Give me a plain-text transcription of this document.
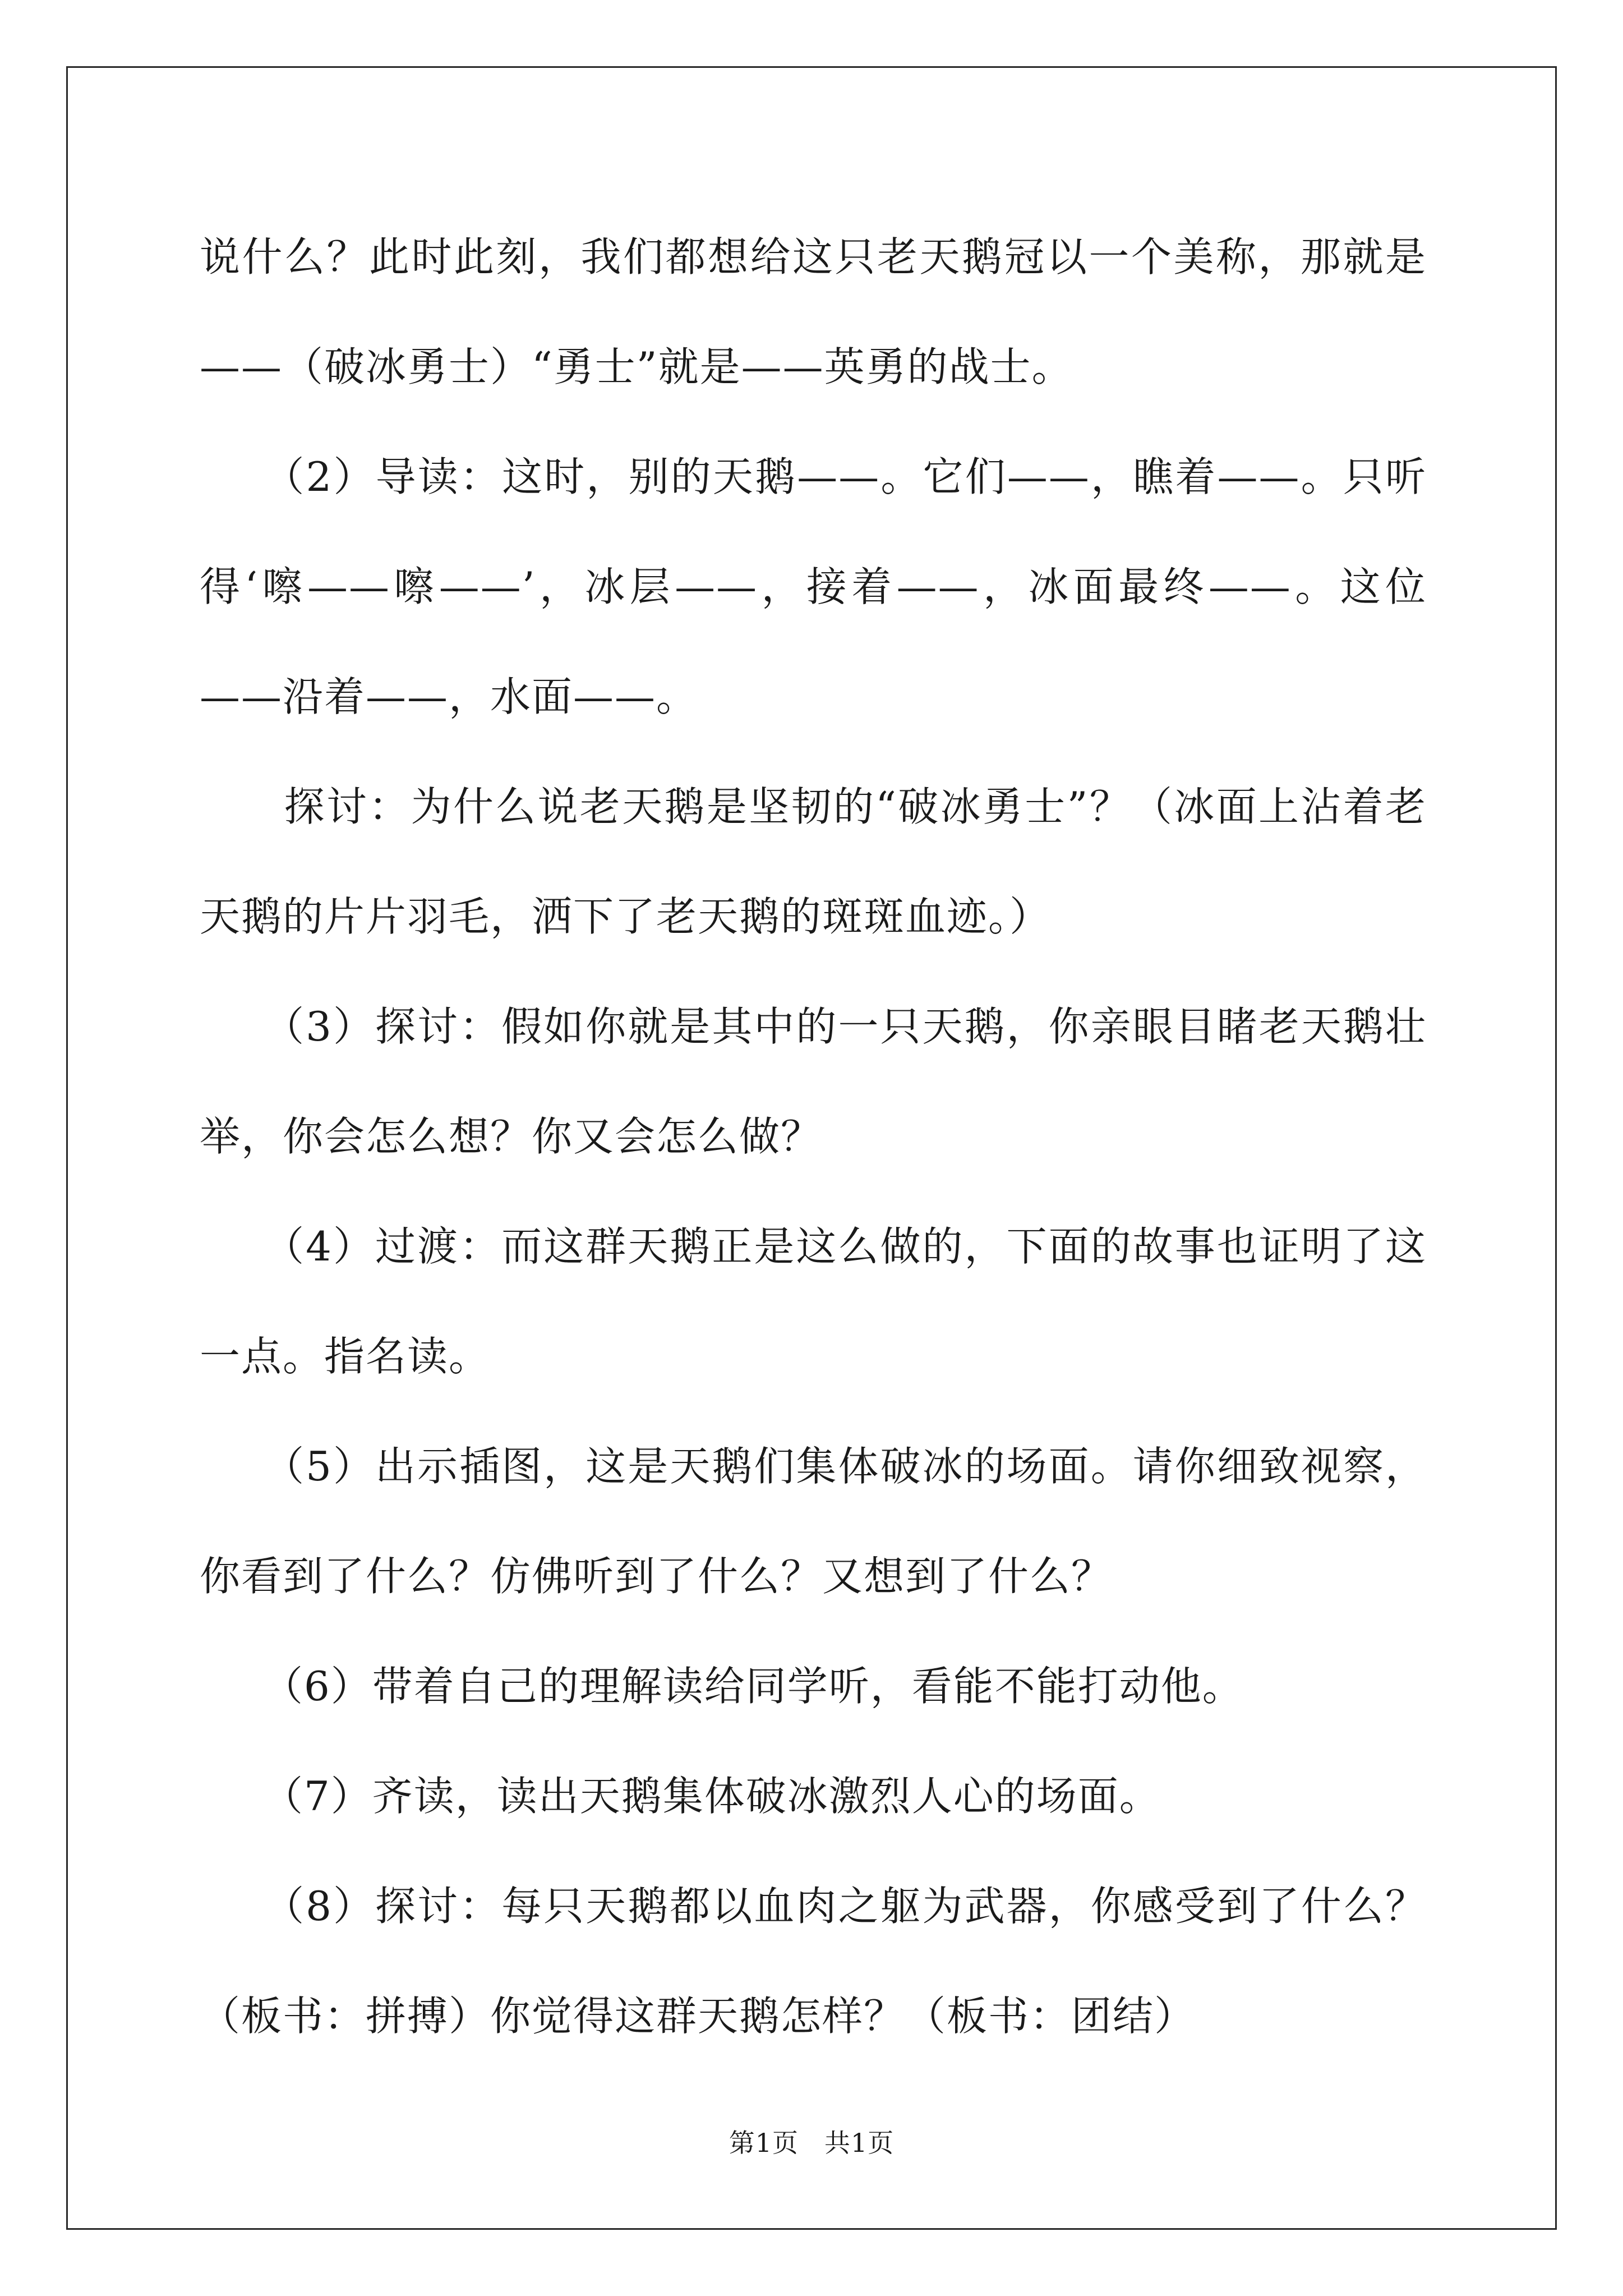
说什么？此时此刻，我们都想给这只老天鹅冠以一个美称，那就是——（破冰勇士）“勇士”就是——英勇的战士。

　　（2）导读：这时，别的天鹅——。它们——，瞧着——。只听得‘嚓——嚓——’，冰层——，接着——，冰面最终——。这位——沿着——，水面——。

　　探讨：为什么说老天鹅是坚韧的“破冰勇士”？（冰面上沾着老天鹅的片片羽毛，洒下了老天鹅的斑斑血迹。）

　　（3）探讨：假如你就是其中的一只天鹅，你亲眼目睹老天鹅壮举，你会怎么想？你又会怎么做？

　　（4）过渡：而这群天鹅正是这么做的，下面的故事也证明了这一点。指名读。

　　（5）出示插图，这是天鹅们集体破冰的场面。请你细致视察，你看到了什么？仿佛听到了什么？又想到了什么？

　　（6）带着自己的理解读给同学听，看能不能打动他。

　　（7）齐读，读出天鹅集体破冰激烈人心的场面。

　　（8）探讨：每只天鹅都以血肉之躯为武器，你感受到了什么？（板书：拼搏）你觉得这群天鹅怎样？（板书：团结）

第1页 共1页
